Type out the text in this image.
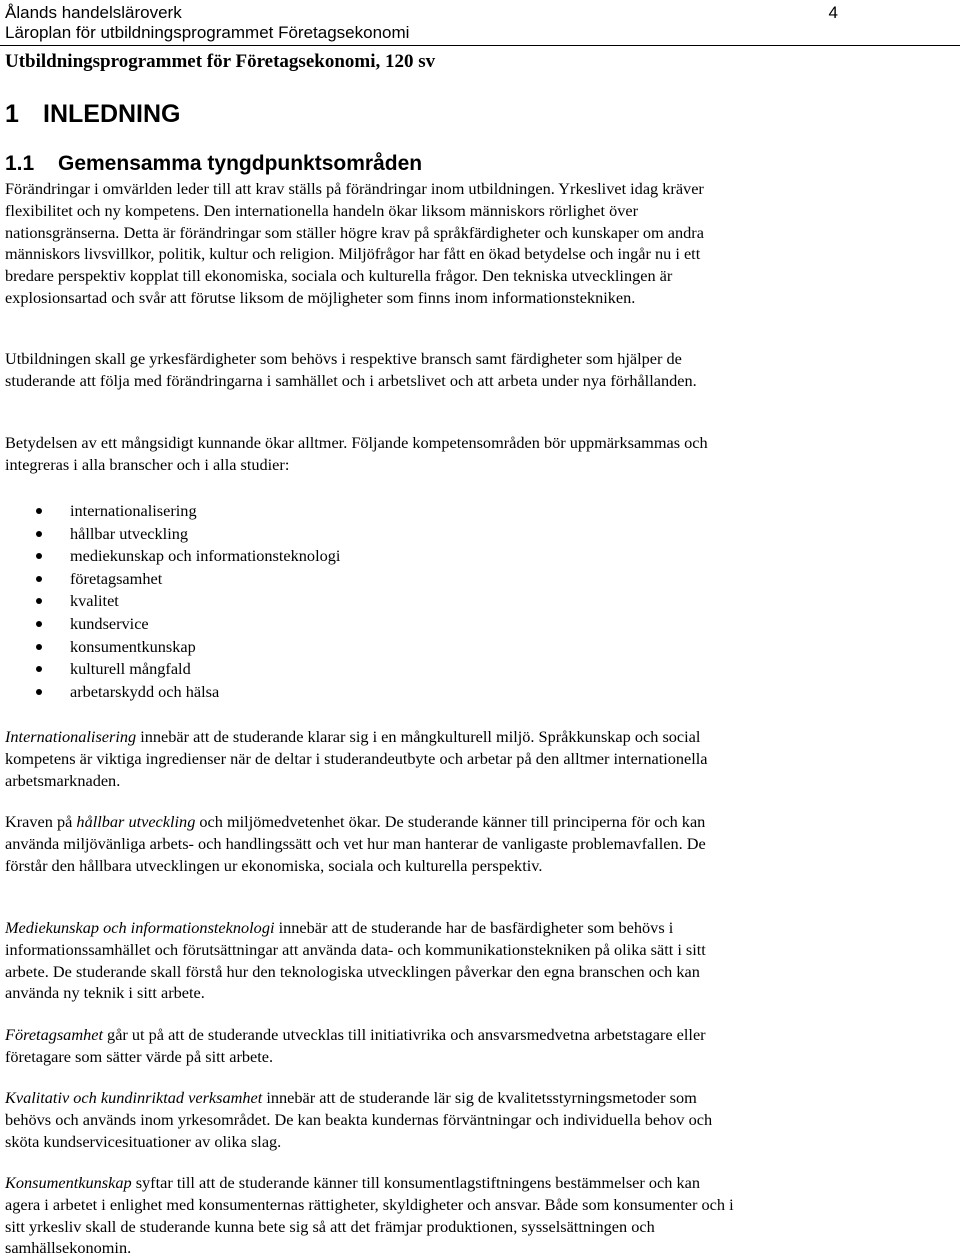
Ålands handelsläroverk
Läroplan för utbildningsprogrammet Företagsekonomi
4
Utbildningsprogrammet för Företagsekonomi, 120 sv
1 INLEDNING
1.1 Gemensamma tyngdpunktsområden

Förändringar i omvärlden leder till att krav ställs på förändringar inom utbildningen. Yrkeslivet idag kräver flexibilitet och ny kompetens. Den internationella handeln ökar liksom människors rörlighet över nationsgränserna. Detta är förändringar som ställer högre krav på språkfärdigheter och kunskaper om andra människors livsvillkor, politik, kultur och religion. Miljöfrågor har fått en ökad betydelse och ingår nu i ett bredare perspektiv kopplat till ekonomiska, sociala och kulturella frågor. Den tekniska utvecklingen är explosionsartad och svår att förutse liksom de möjligheter som finns inom informationstekniken.

Utbildningen skall ge yrkesfärdigheter som behövs i respektive bransch samt färdigheter som hjälper de studerande att följa med förändringarna i samhället och i arbetslivet och att arbeta under nya förhållanden.

Betydelsen av ett mångsidigt kunnande ökar alltmer. Följande kompetensområden bör uppmärksammas och integreras i alla branscher och i alla studier:

internationalisering
hållbar utveckling
mediekunskap och informationsteknologi
företagsamhet
kvalitet
kundservice
konsumentkunskap
kulturell mångfald
arbetarskydd och hälsa

Internationalisering innebär att de studerande klarar sig i en mångkulturell miljö. Språkkunskap och social kompetens är viktiga ingredienser när de deltar i studerandeutbyte och arbetar på den alltmer internationella arbetsmarknaden.

Kraven på hållbar utveckling och miljömedvetenhet ökar. De studerande känner till principerna för och kan använda miljövänliga arbets- och handlingssätt och vet hur man hanterar de vanligaste problemavfallen. De förstår den hållbara utvecklingen ur ekonomiska, sociala och kulturella perspektiv.

Mediekunskap och informationsteknologi innebär att de studerande har de basfärdigheter som behövs i informationssamhället och förutsättningar att använda data- och kommunikationstekniken på olika sätt i sitt arbete. De studerande skall förstå hur den teknologiska utvecklingen påverkar den egna branschen och kan använda ny teknik i sitt arbete.

Företagsamhet går ut på att de studerande utvecklas till initiativrika och ansvarsmedvetna arbetstagare eller företagare som sätter värde på sitt arbete.

Kvalitativ och kundinriktad verksamhet innebär att de studerande lär sig de kvalitetsstyrningsmetoder som behövs och används inom yrkesområdet. De kan beakta kundernas förväntningar och individuella behov och sköta kundservicesituationer av olika slag.

Konsumentkunskap syftar till att de studerande känner till konsumentlagstiftningens bestämmelser och kan agera i arbetet i enlighet med konsumenternas rättigheter, skyldigheter och ansvar. Både som konsumenter och i sitt yrkesliv skall de studerande kunna bete sig så att det främjar produktionen, sysselsättningen och samhällsekonomin.
